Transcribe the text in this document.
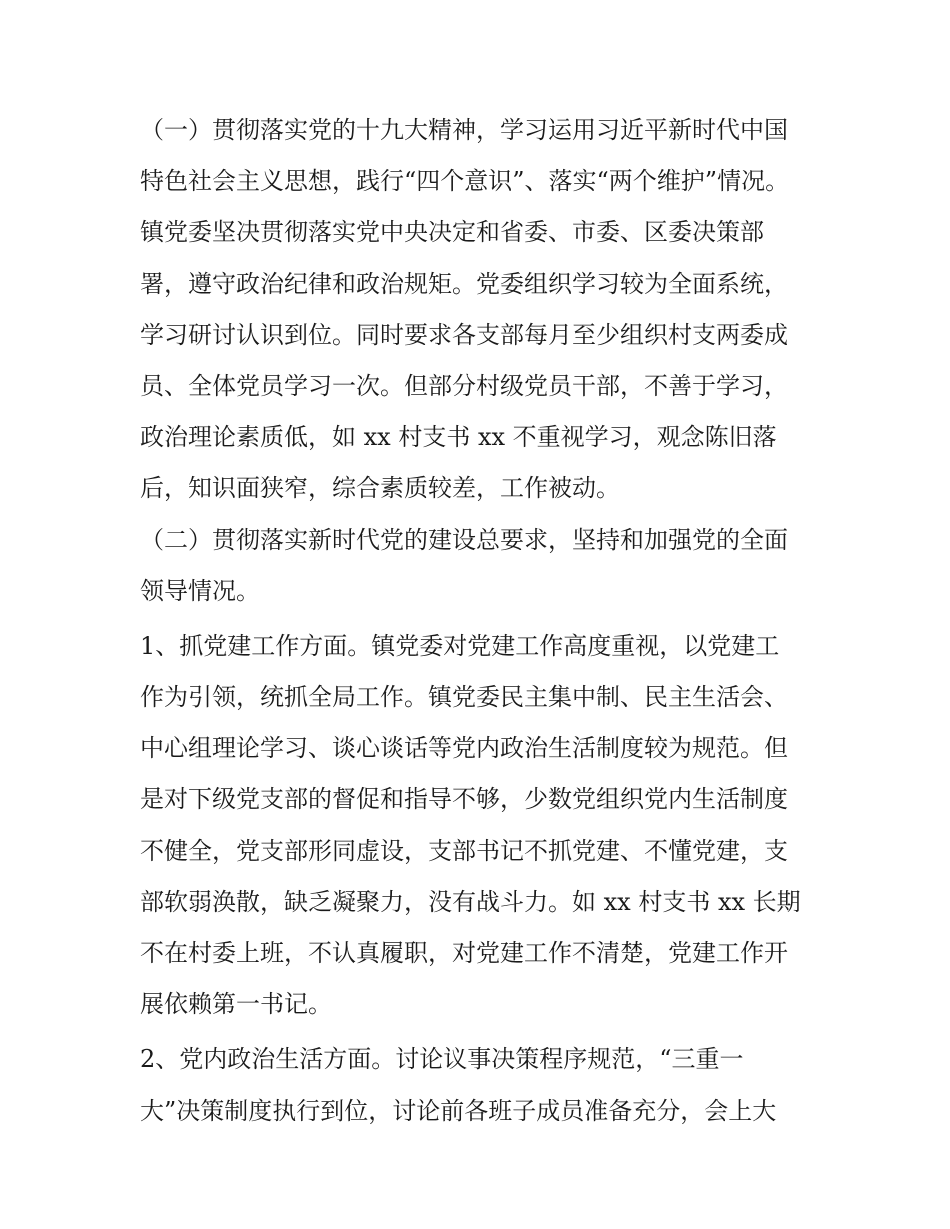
（一）贯彻落实党的十九大精神，学习运用习近平新时代中国
特色社会主义思想，践行“四个意识”、落实“两个维护”情况。
镇党委坚决贯彻落实党中央决定和省委、市委、区委决策部
署，遵守政治纪律和政治规矩。党委组织学习较为全面系统，
学习研讨认识到位。同时要求各支部每月至少组织村支两委成
员、全体党员学习一次。但部分村级党员干部，不善于学习，
政治理论素质低，如 xx 村支书 xx 不重视学习，观念陈旧落
后，知识面狭窄，综合素质较差，工作被动。
（二）贯彻落实新时代党的建设总要求，坚持和加强党的全面
领导情况。
1、抓党建工作方面。镇党委对党建工作高度重视，以党建工
作为引领，统抓全局工作。镇党委民主集中制、民主生活会、
中心组理论学习、谈心谈话等党内政治生活制度较为规范。但
是对下级党支部的督促和指导不够，少数党组织党内生活制度
不健全，党支部形同虚设，支部书记不抓党建、不懂党建，支
部软弱涣散，缺乏凝聚力，没有战斗力。如 xx 村支书 xx 长期
不在村委上班，不认真履职，对党建工作不清楚，党建工作开
展依赖第一书记。
2、党内政治生活方面。讨论议事决策程序规范，“三重一
大”决策制度执行到位，讨论前各班子成员准备充分，会上大
